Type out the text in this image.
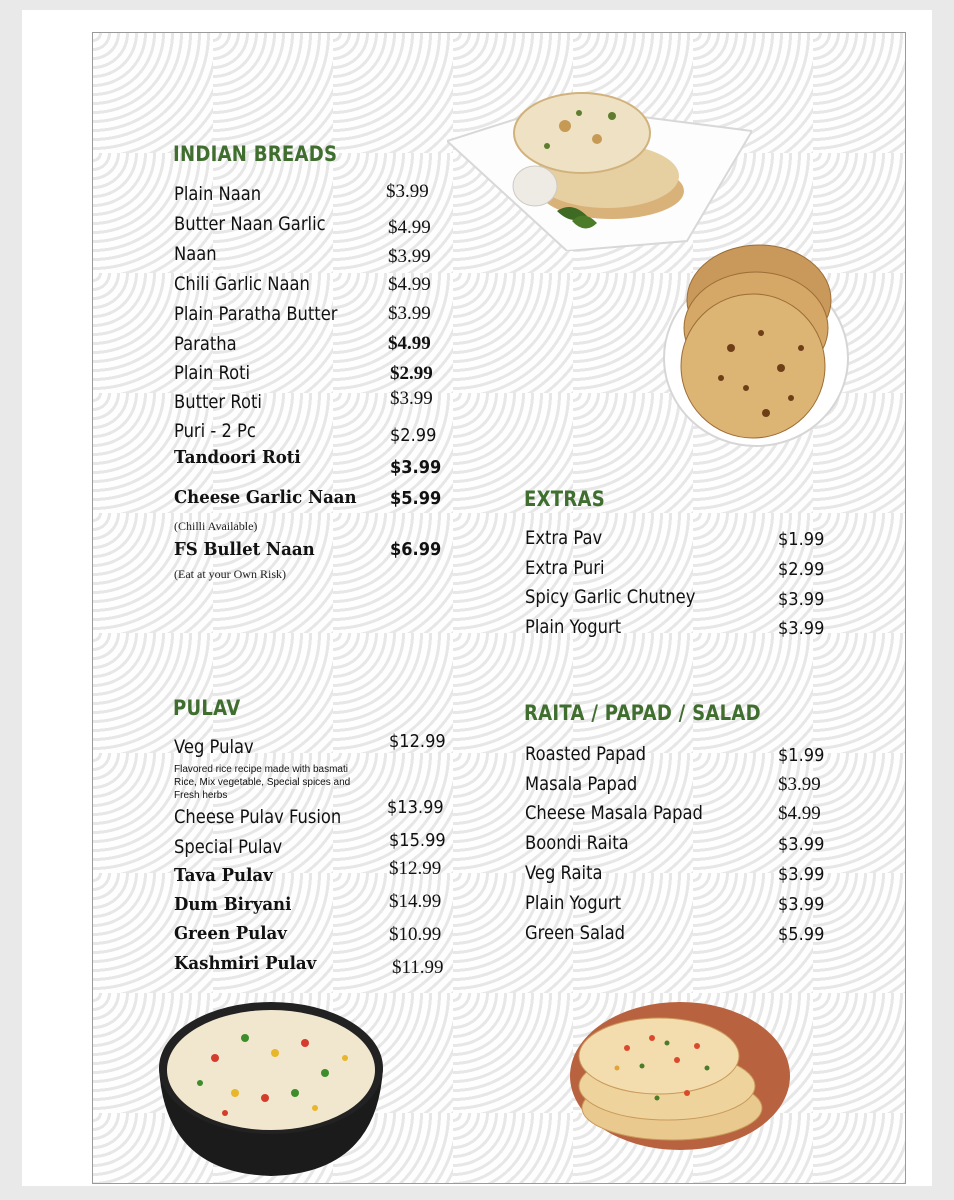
INDIAN BREADS
Plain Naan	$3.99
Butter Naan Garlic	$4.99
Naan	$3.99
Chili Garlic Naan	$4.99
Plain Paratha Butter	$3.99
Paratha	$4.99
Plain Roti	$2.99
Butter Roti	$3.99
Puri - 2 Pc	$2.99
Tandoori Roti	$3.99
Cheese Garlic Naan $5.99
(Chilli Available)
FS Bullet Naan	$6.99
(Eat at your Own Risk)
EXTRAS
Extra Pav	$1.99
Extra Puri	$2.99
Spicy Garlic Chutney	$3.99
Plain Yogurt	$3.99
PULAV
Veg Pulav	$12.99
Flavored rice recipe made with basmati Rice, Mix vegetable, Special spices and Fresh herbs
Cheese Pulav Fusion	$13.99
Special Pulav	$15.99
Tava Pulav	$12.99
Dum Biryani	$14.99
Green Pulav	$10.99
Kashmiri Pulav	$11.99
RAITA / PAPAD / SALAD
Roasted Papad	$1.99
Masala Papad	$3.99
Cheese Masala Papad	$4.99
Boondi Raita	$3.99
Veg Raita	$3.99
Plain Yogurt	$3.99
Green Salad	$5.99
